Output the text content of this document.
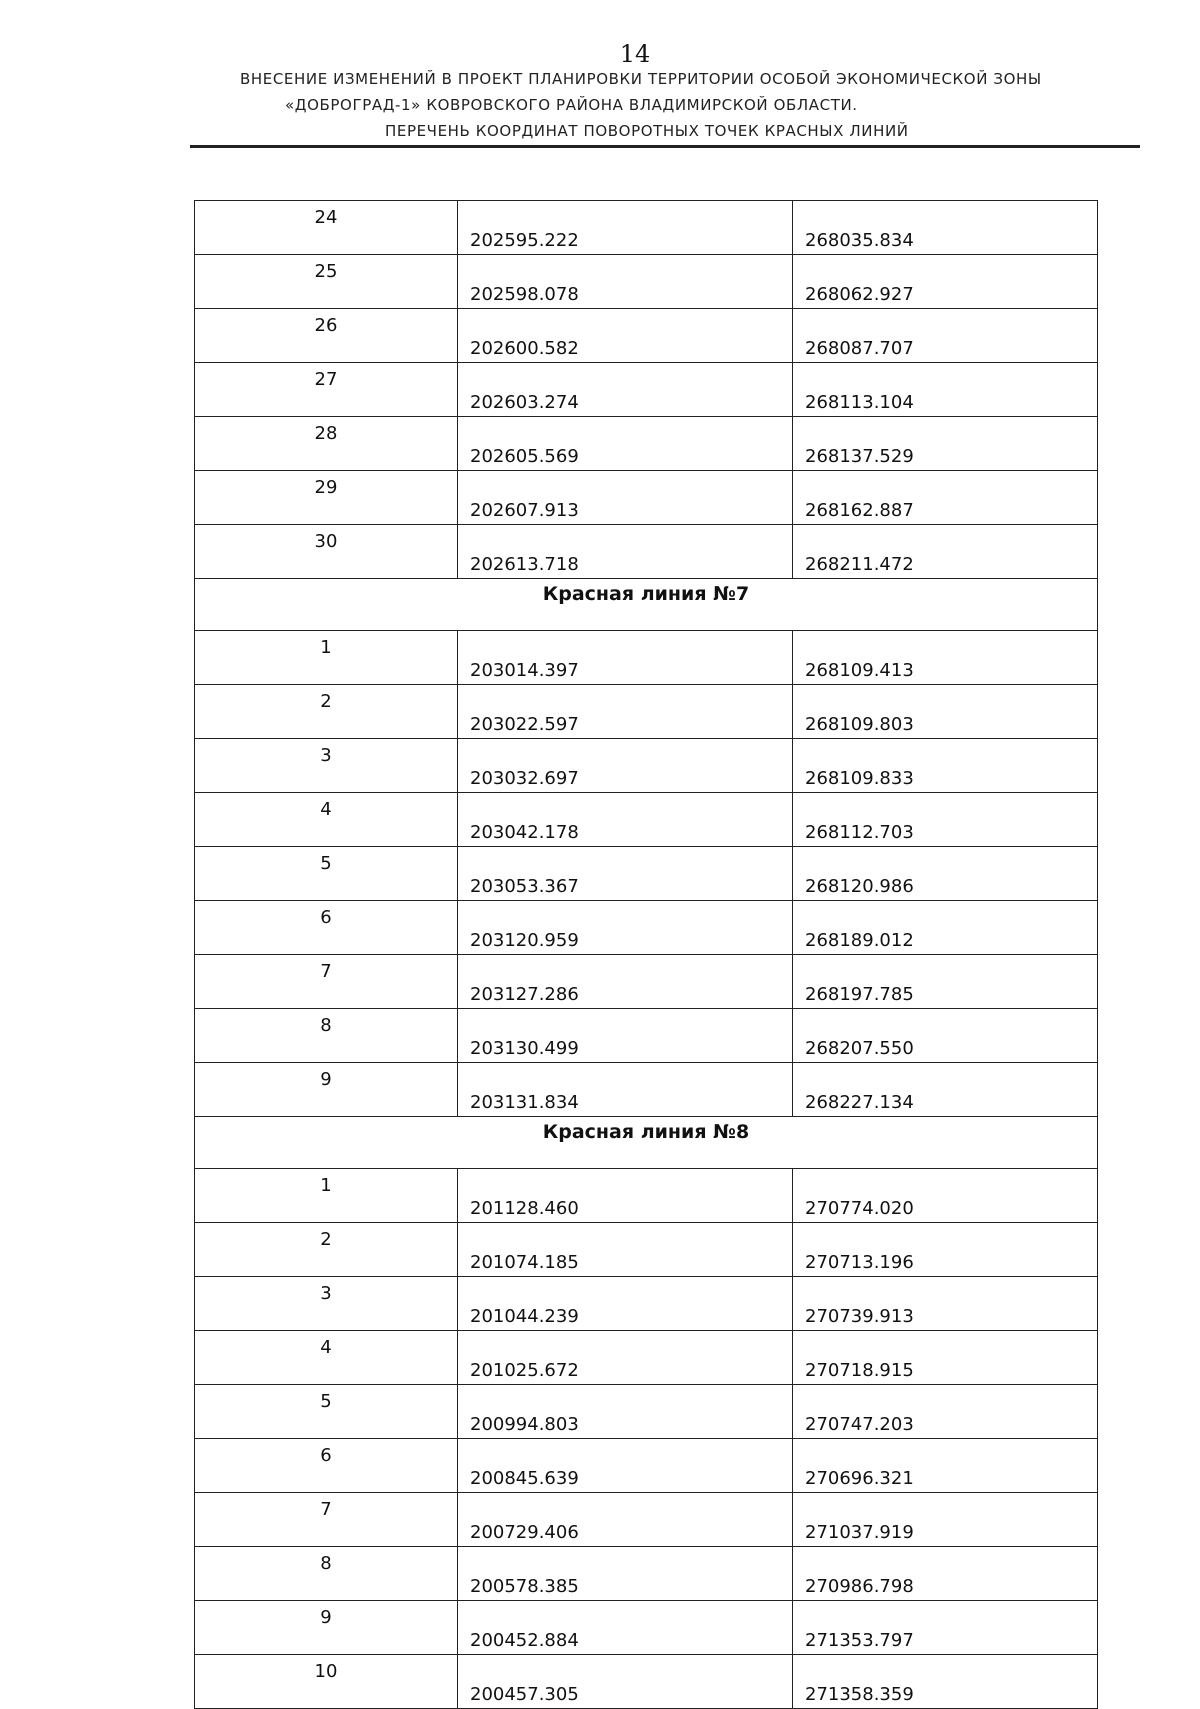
14
ВНЕСЕНИЕ ИЗМЕНЕНИЙ В ПРОЕКТ ПЛАНИРОВКИ ТЕРРИТОРИИ ОСОБОЙ ЭКОНОМИЧЕСКОЙ ЗОНЫ
«ДОБРОГРАД-1» КОВРОВСКОГО РАЙОНА ВЛАДИМИРСКОЙ ОБЛАСТИ.
ПЕРЕЧЕНЬ КООРДИНАТ ПОВОРОТНЫХ ТОЧЕК КРАСНЫХ ЛИНИЙ
24	202595.222	268035.834
25	202598.078	268062.927
26	202600.582	268087.707
27	202603.274	268113.104
28	202605.569	268137.529
29	202607.913	268162.887
30	202613.718	268211.472
Красная линия №7		
1	203014.397	268109.413
2	203022.597	268109.803
3	203032.697	268109.833
4	203042.178	268112.703
5	203053.367	268120.986
6	203120.959	268189.012
7	203127.286	268197.785
8	203130.499	268207.550
9	203131.834	268227.134
Красная линия №8		
1	201128.460	270774.020
2	201074.185	270713.196
3	201044.239	270739.913
4	201025.672	270718.915
5	200994.803	270747.203
6	200845.639	270696.321
7	200729.406	271037.919
8	200578.385	270986.798
9	200452.884	271353.797
10	200457.305	271358.359
